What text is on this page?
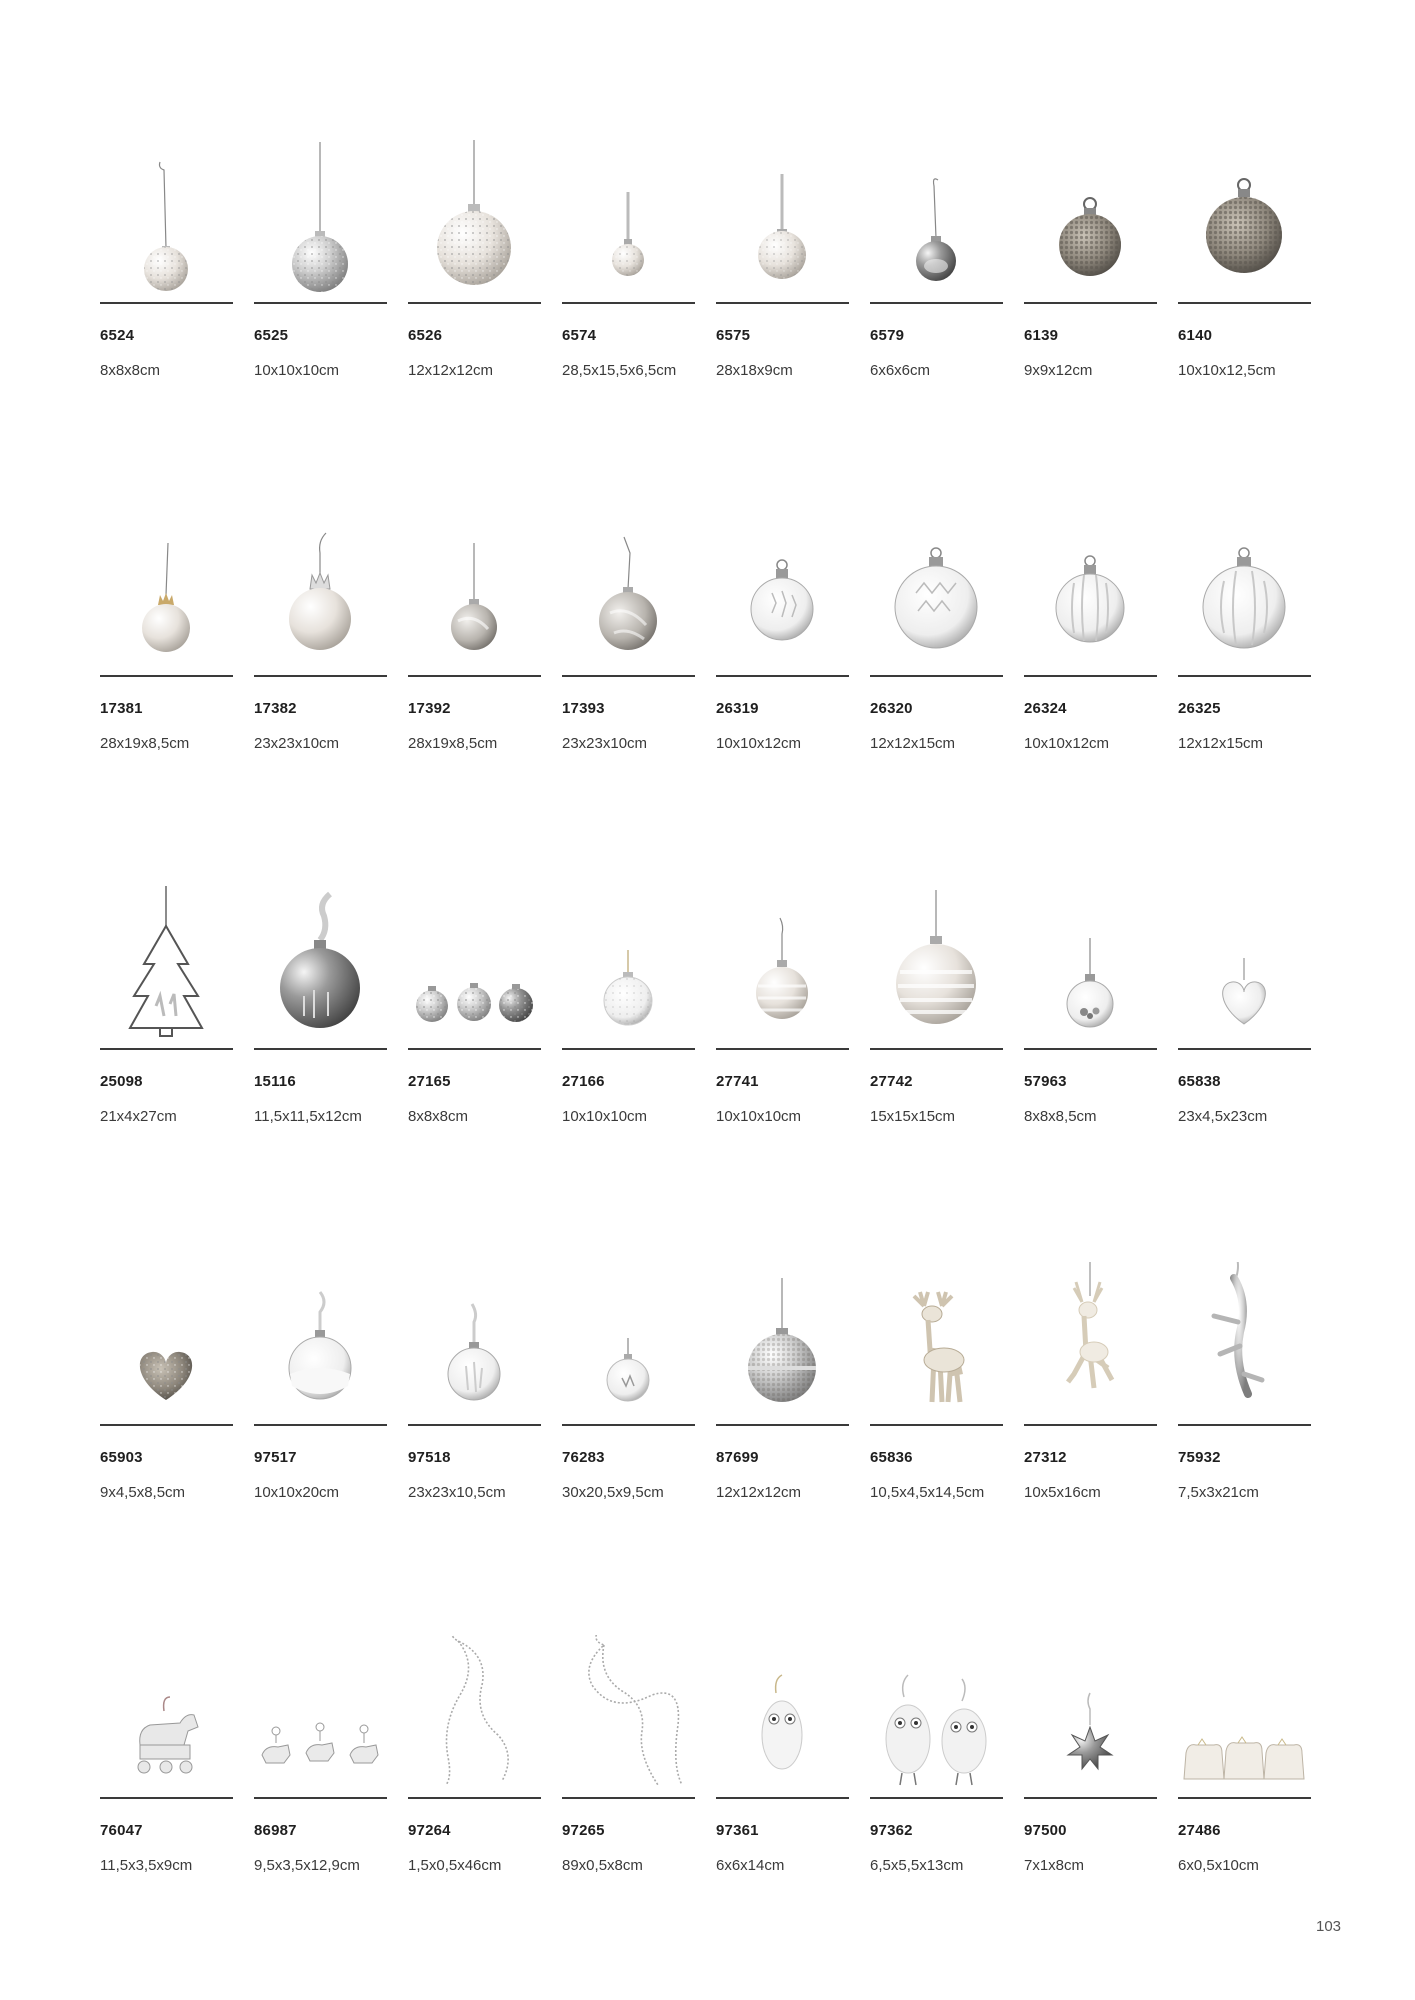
6524
8x8x8cm
6525
10x10x10cm
6526
12x12x12cm
6574
28,5x15,5x6,5cm
6575
28x18x9cm
6579
6x6x6cm
6139
9x9x12cm
6140
10x10x12,5cm
17381
28x19x8,5cm
17382
23x23x10cm
17392
28x19x8,5cm
17393
23x23x10cm
26319
10x10x12cm
26320
12x12x15cm
26324
10x10x12cm
26325
12x12x15cm
25098
21x4x27cm
15116
11,5x11,5x12cm
27165
8x8x8cm
27166
10x10x10cm
27741
10x10x10cm
27742
15x15x15cm
57963
8x8x8,5cm
65838
23x4,5x23cm
65903
9x4,5x8,5cm
97517
10x10x20cm
97518
23x23x10,5cm
76283
30x20,5x9,5cm
87699
12x12x12cm
65836
10,5x4,5x14,5cm
27312
10x5x16cm
75932
7,5x3x21cm
76047
11,5x3,5x9cm
86987
9,5x3,5x12,9cm
97264
1,5x0,5x46cm
97265
89x0,5x8cm
97361
6x6x14cm
97362
6,5x5,5x13cm
97500
7x1x8cm
27486
6x0,5x10cm
103
